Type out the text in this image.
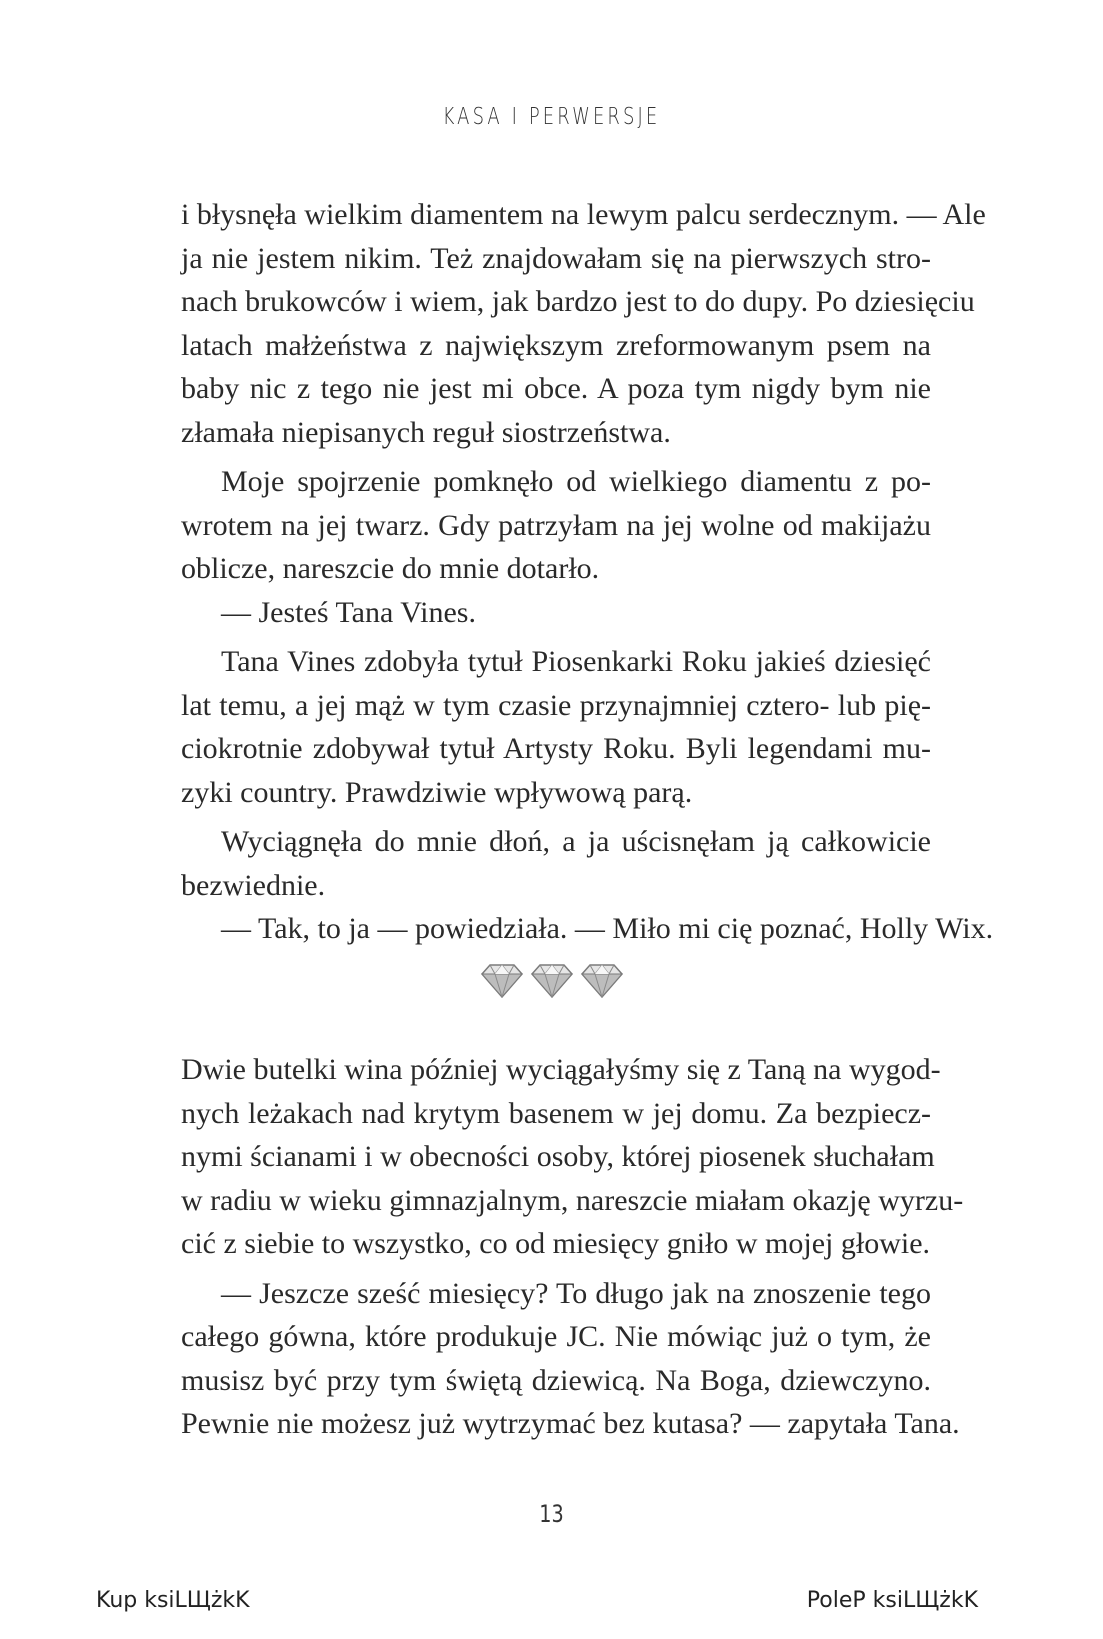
KASA I PERWERSJE
i błysnęła wielkim diamentem na lewym palcu serdecznym. — Ale
ja nie jestem nikim. Też znajdowałam się na pierwszych stro-
nach brukowców i wiem, jak bardzo jest to do dupy. Po dziesięciu
latach małżeństwa z największym zreformowanym psem na
baby nic z tego nie jest mi obce. A poza tym nigdy bym nie
złamała niepisanych reguł siostrzeństwa.
Moje spojrzenie pomknęło od wielkiego diamentu z po-
wrotem na jej twarz. Gdy patrzyłam na jej wolne od makijażu
oblicze, nareszcie do mnie dotarło.
— Jesteś Tana Vines.
Tana Vines zdobyła tytuł Piosenkarki Roku jakieś dziesięć
lat temu, a jej mąż w tym czasie przynajmniej cztero- lub pię-
ciokrotnie zdobywał tytuł Artysty Roku. Byli legendami mu-
zyki country. Prawdziwie wpływową parą.
Wyciągnęła do mnie dłoń, a ja uścisnęłam ją całkowicie
bezwiednie.
— Tak, to ja — powiedziała. — Miło mi cię poznać, Holly Wix.
Dwie butelki wina później wyciągałyśmy się z Taną na wygod-
nych leżakach nad krytym basenem w jej domu. Za bezpiecz-
nymi ścianami i w obecności osoby, której piosenek słuchałam
w radiu w wieku gimnazjalnym, nareszcie miałam okazję wyrzu-
cić z siebie to wszystko, co od miesięcy gniło w mojej głowie.
— Jeszcze sześć miesięcy? To długo jak na znoszenie tego
całego gówna, które produkuje JC. Nie mówiąc już o tym, że
musisz być przy tym świętą dziewicą. Na Boga, dziewczyno.
Pewnie nie możesz już wytrzymać bez kutasa? — zapytała Tana.
13
Kup ksiLЩżkK	PoleP ksiLЩżkK
